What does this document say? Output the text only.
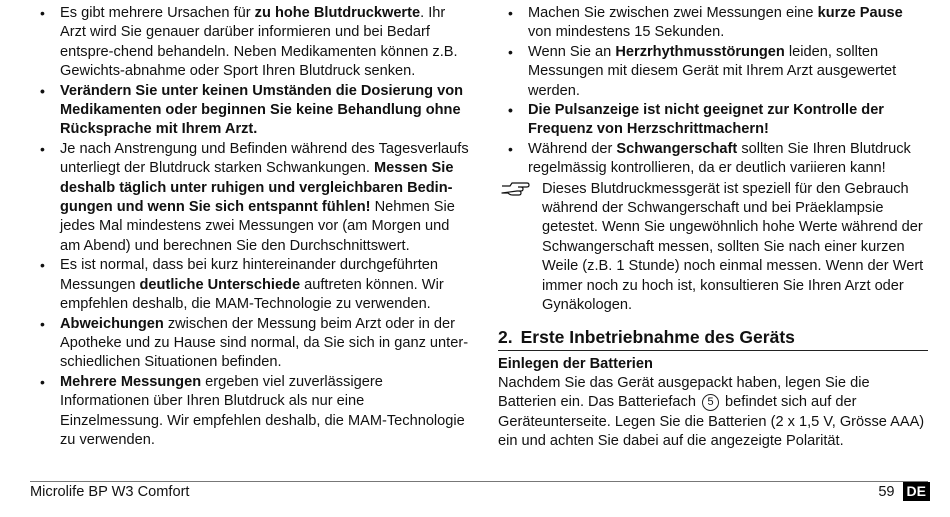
• Es gibt mehrere Ursachen für zu hohe Blutdruckwerte. Ihr Arzt wird Sie genauer darüber informieren und bei Bedarf entspre-chend behandeln. Neben Medikamenten können z.B. Gewichts-abnahme oder Sport Ihren Blutdruck senken.
• Verändern Sie unter keinen Umständen die Dosierung von Medikamenten oder beginnen Sie keine Behandlung ohne Rücksprache mit Ihrem Arzt.
• Je nach Anstrengung und Befinden während des Tagesverlaufs unterliegt der Blutdruck starken Schwankungen. Messen Sie deshalb täglich unter ruhigen und vergleichbaren Bedin-gungen und wenn Sie sich entspannt fühlen! Nehmen Sie jedes Mal mindestens zwei Messungen vor (am Morgen und am Abend) und berechnen Sie den Durchschnittswert.
• Es ist normal, dass bei kurz hintereinander durchgeführten Messungen deutliche Unterschiede auftreten können. Wir empfehlen deshalb, die MAM-Technologie zu verwenden.
• Abweichungen zwischen der Messung beim Arzt oder in der Apotheke und zu Hause sind normal, da Sie sich in ganz unter-schiedlichen Situationen befinden.
• Mehrere Messungen ergeben viel zuverlässigere Informationen über Ihren Blutdruck als nur eine Einzelmessung. Wir empfehlen deshalb, die MAM-Technologie zu verwenden.
• Machen Sie zwischen zwei Messungen eine kurze Pause von mindestens 15 Sekunden.
• Wenn Sie an Herzrhythmusstörungen leiden, sollten Messungen mit diesem Gerät mit Ihrem Arzt ausgewertet werden.
• Die Pulsanzeige ist nicht geeignet zur Kontrolle der Frequenz von Herzschrittmachern!
• Während der Schwangerschaft sollten Sie Ihren Blutdruck regelmässig kontrollieren, da er deutlich variieren kann!
Dieses Blutdruckmessgerät ist speziell für den Gebrauch während der Schwangerschaft und bei Präeklampsie getestet. Wenn Sie ungewöhnlich hohe Werte während der Schwangerschaft messen, sollten Sie nach einer kurzen Weile (z.B. 1 Stunde) noch einmal messen. Wenn der Wert immer noch zu hoch ist, konsultieren Sie Ihren Arzt oder Gynäkologen.
2. Erste Inbetriebnahme des Geräts
Einlegen der Batterien
Nachdem Sie das Gerät ausgepackt haben, legen Sie die Batterien ein. Das Batteriefach 5 befindet sich auf der Geräteunterseite. Legen Sie die Batterien (2 x 1,5 V, Grösse AAA) ein und achten Sie dabei auf die angezeigte Polarität.
Microlife BP W3 Comfort	59 DE
